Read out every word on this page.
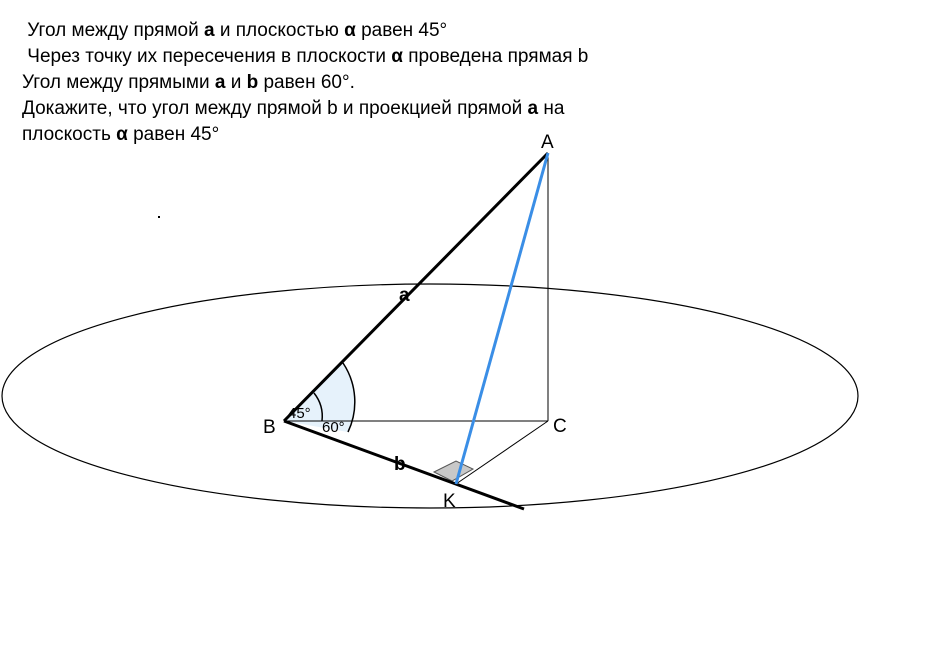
Угол между прямой a и плоскостью α равен 45°
Через точку их пересечения в плоскости α проведена прямая b
Угол между прямыми a и b равен 60°.
Докажите, что угол между прямой b и проекцией прямой a на
плоскость α равен 45°	A
B	C
K
a
b
45°
60°
